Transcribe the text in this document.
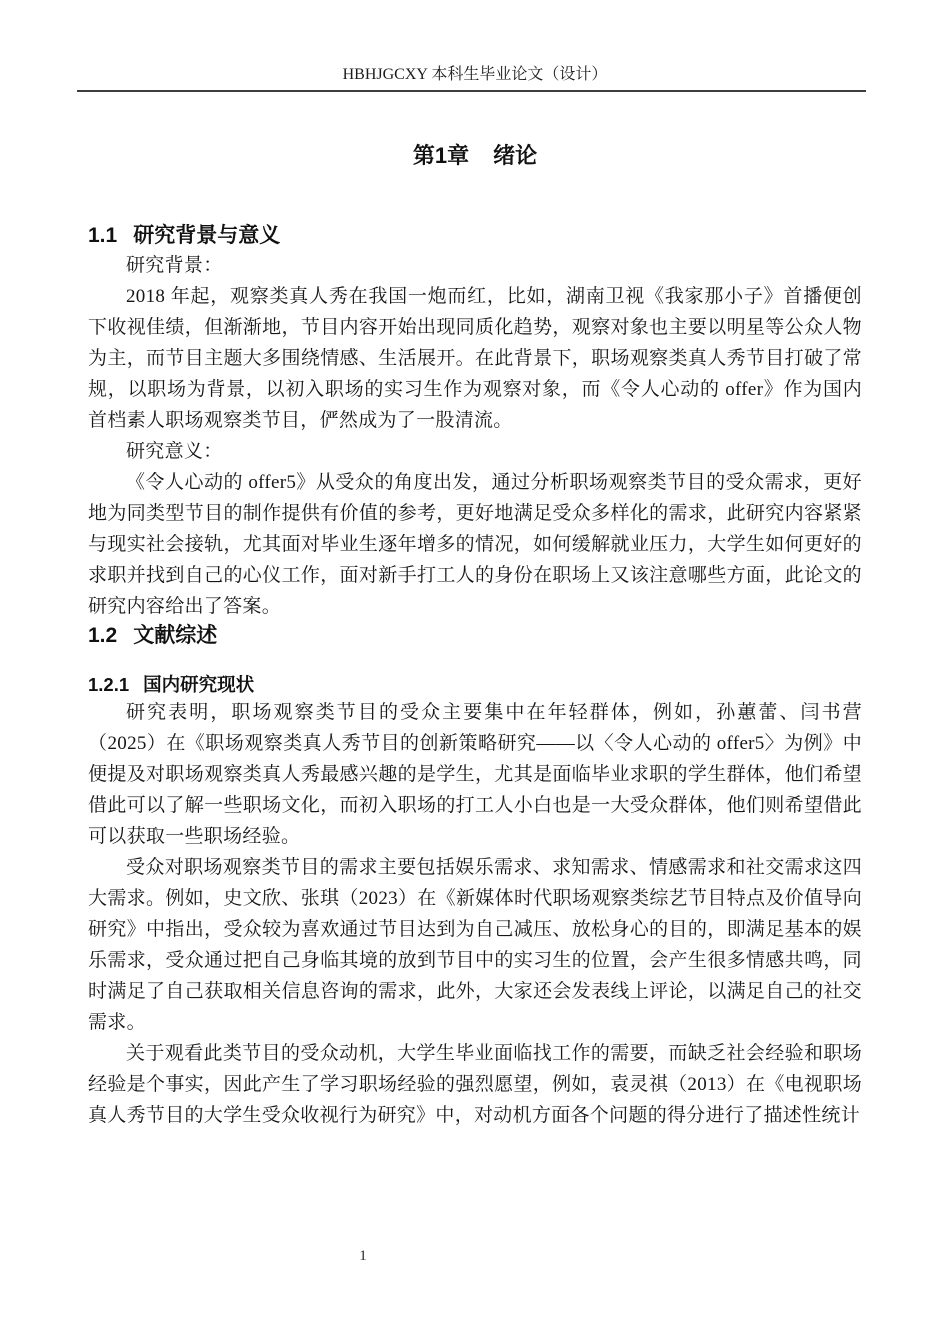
HBHJGCXY 本科生毕业论文（设计）
第1章 绪论
1.1 研究背景与意义

研究背景：

2018 年起，观察类真人秀在我国一炮而红，比如，湖南卫视《我家那小子》首播便创下收视佳绩，但渐渐地，节目内容开始出现同质化趋势，观察对象也主要以明星等公众人物为主，而节目主题大多围绕情感、生活展开。在此背景下，职场观察类真人秀节目打破了常规，以职场为背景，以初入职场的实习生作为观察对象，而《令人心动的 offer》作为国内首档素人职场观察类节目，俨然成为了一股清流。

研究意义：

《令人心动的 offer5》从受众的角度出发，通过分析职场观察类节目的受众需求，更好地为同类型节目的制作提供有价值的参考，更好地满足受众多样化的需求，此研究内容紧紧与现实社会接轨，尤其面对毕业生逐年增多的情况，如何缓解就业压力，大学生如何更好的求职并找到自己的心仪工作，面对新手打工人的身份在职场上又该注意哪些方面，此论文的研究内容给出了答案。

1.2 文献综述
1.2.1 国内研究现状

研究表明，职场观察类节目的受众主要集中在年轻群体，例如，孙蕙蕾、闫书营（2025）在《职场观察类真人秀节目的创新策略研究——以〈令人心动的 offer5〉为例》中便提及对职场观察类真人秀最感兴趣的是学生，尤其是面临毕业求职的学生群体，他们希望借此可以了解一些职场文化，而初入职场的打工人小白也是一大受众群体，他们则希望借此可以获取一些职场经验。

受众对职场观察类节目的需求主要包括娱乐需求、求知需求、情感需求和社交需求这四大需求。例如，史文欣、张琪（2023）在《新媒体时代职场观察类综艺节目特点及价值导向研究》中指出，受众较为喜欢通过节目达到为自己减压、放松身心的目的，即满足基本的娱乐需求，受众通过把自己身临其境的放到节目中的实习生的位置，会产生很多情感共鸣，同时满足了自己获取相关信息咨询的需求，此外，大家还会发表线上评论，以满足自己的社交需求。

关于观看此类节目的受众动机，大学生毕业面临找工作的需要，而缺乏社会经验和职场经验是个事实，因此产生了学习职场经验的强烈愿望，例如，袁灵祺（2013）在《电视职场真人秀节目的大学生受众收视行为研究》中，对动机方面各个问题的得分进行了描述性统计

1
